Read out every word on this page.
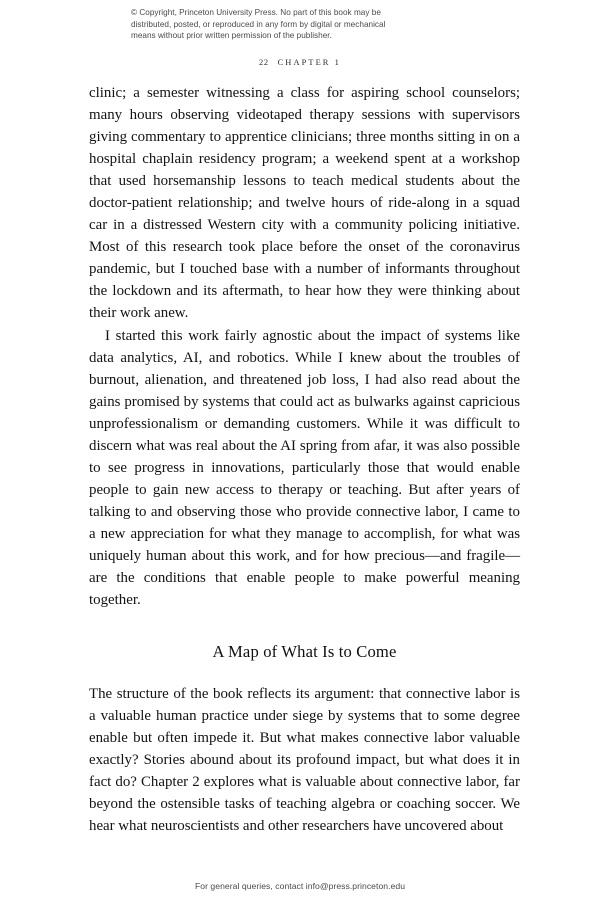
© Copyright, Princeton University Press. No part of this book may be

distributed, posted, or reproduced in any form by digital or mechanical

means without prior written permission of the publisher.

22 CHAPTER 1

clinic; a semester witnessing a class for aspiring school counselors; many hours observing videotaped therapy sessions with supervisors giving commentary to apprentice clinicians; three months sitting in on a hospital chaplain residency program; a weekend spent at a workshop that used horsemanship lessons to teach medical students about the doctor-patient relationship; and twelve hours of ride-along in a squad car in a distressed Western city with a community policing initiative. Most of this research took place before the onset of the coronavirus pandemic, but I touched base with a number of informants throughout the lockdown and its aftermath, to hear how they were thinking about their work anew.

I started this work fairly agnostic about the impact of systems like data analytics, AI, and robotics. While I knew about the troubles of burnout, alienation, and threatened job loss, I had also read about the gains promised by systems that could act as bulwarks against capricious unprofessionalism or demanding customers. While it was difficult to discern what was real about the AI spring from afar, it was also possible to see progress in innovations, particularly those that would enable people to gain new access to therapy or teaching. But after years of talking to and observing those who provide connective labor, I came to a new appreciation for what they manage to accomplish, for what was uniquely human about this work, and for how precious—and fragile—are the conditions that enable people to make powerful meaning together.

A Map of What Is to Come

The structure of the book reflects its argument: that connective labor is a valuable human practice under siege by systems that to some degree enable but often impede it. But what makes connective labor valuable exactly? Stories abound about its profound impact, but what does it in fact do? Chapter 2 explores what is valuable about connective labor, far beyond the ostensible tasks of teaching algebra or coaching soccer. We hear what neuroscientists and other researchers have uncovered about

For general queries, contact info@press.princeton.edu
